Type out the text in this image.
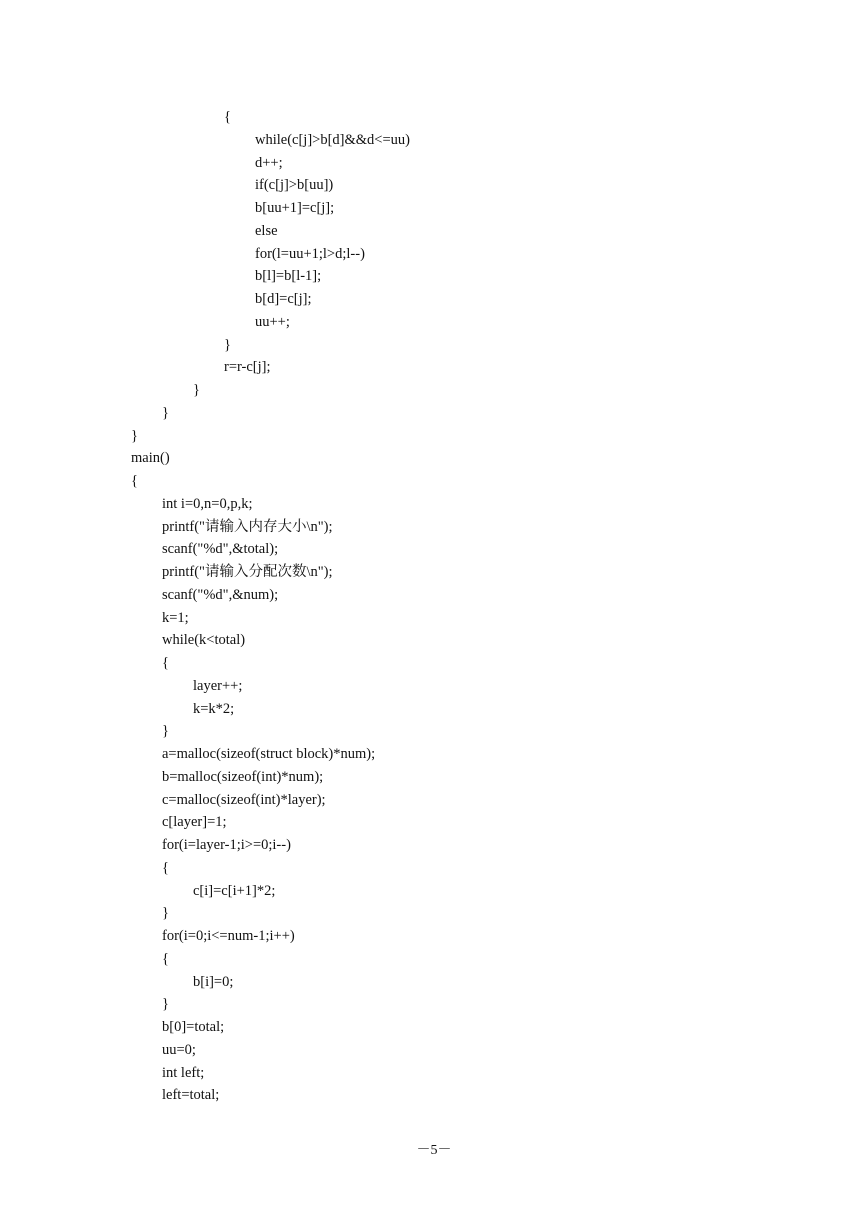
{
while(c[j]>b[d]&&d<=uu)
d++;
if(c[j]>b[uu])
b[uu+1]=c[j];
else
for(l=uu+1;l>d;l--)
b[l]=b[l-1];
b[d]=c[j];
uu++;
}
r=r-c[j];
}
}
}
main()
{
int i=0,n=0,p,k;
printf("请输入内存大小\n");
scanf("%d",&total);
printf("请输入分配次数\n");
scanf("%d",&num);
k=1;
while(k<total)
{
layer++;
k=k*2;
}
a=malloc(sizeof(struct block)*num);
b=malloc(sizeof(int)*num);
c=malloc(sizeof(int)*layer);
c[layer]=1;
for(i=layer-1;i>=0;i--)
{
c[i]=c[i+1]*2;
}
for(i=0;i<=num-1;i++)
{
b[i]=0;
}
b[0]=total;
uu=0;
int left;
left=total;
－5－
